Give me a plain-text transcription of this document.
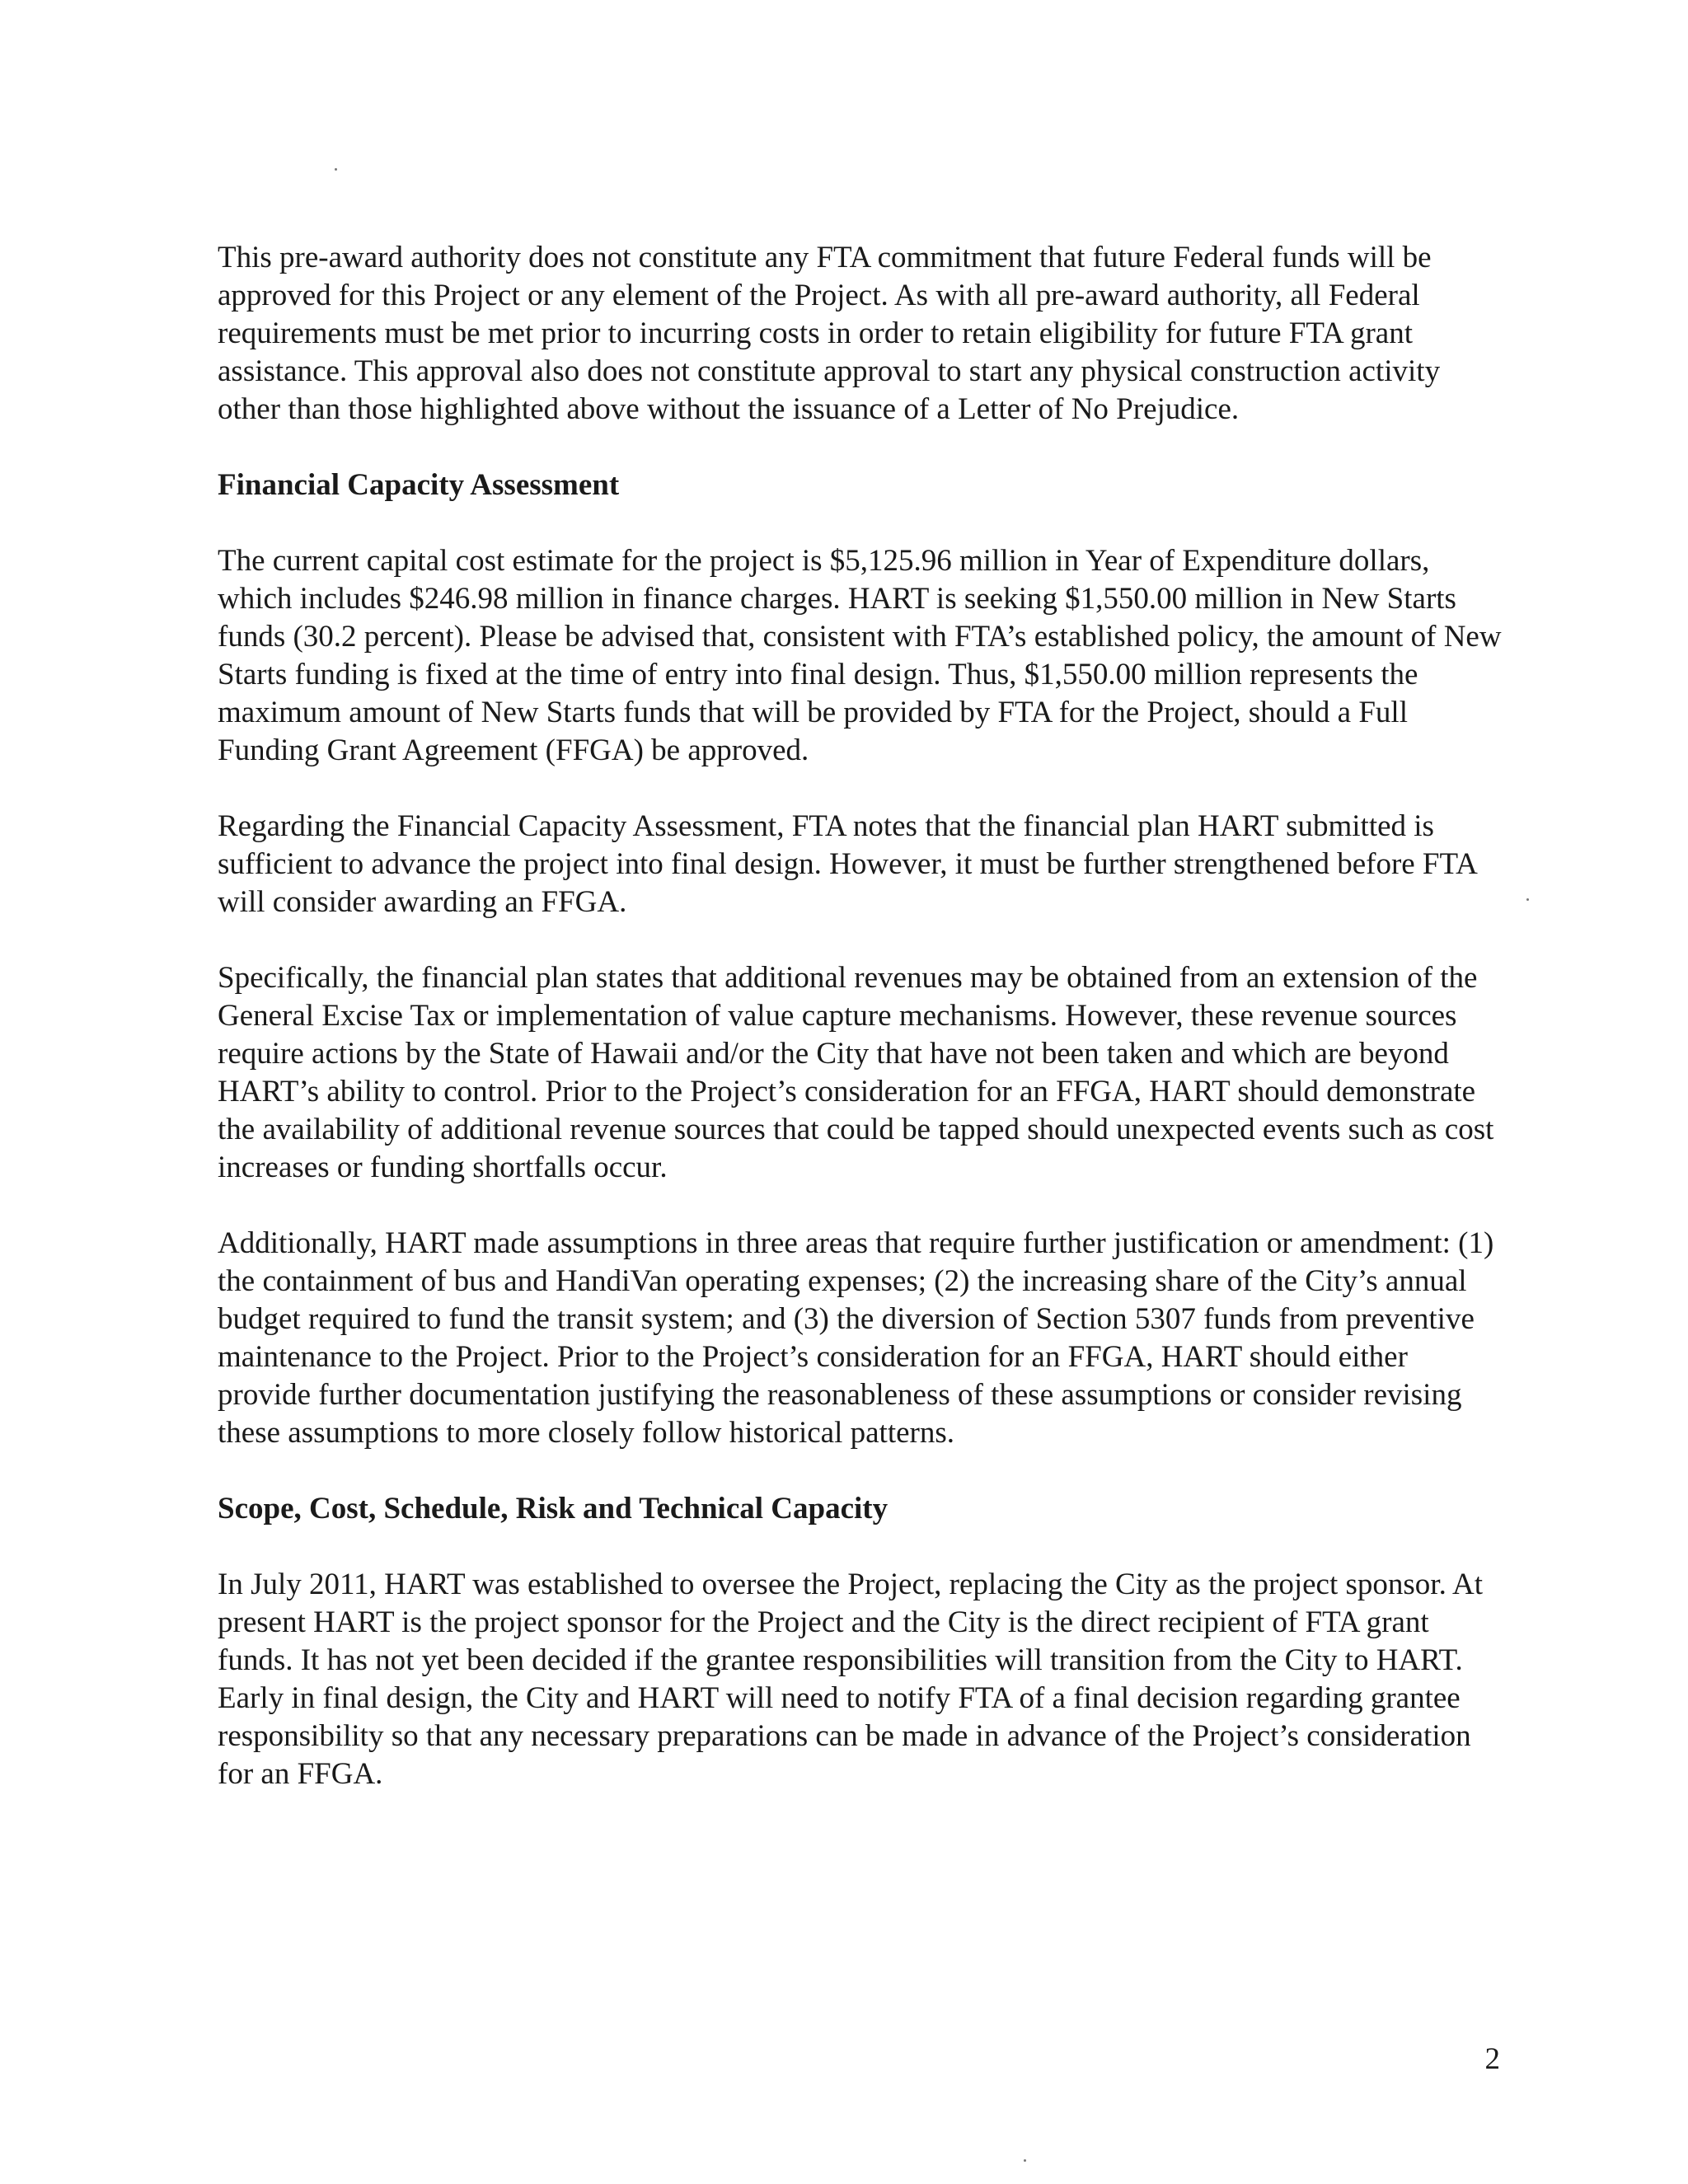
This pre-award authority does not constitute any FTA commitment that future Federal funds will be approved for this Project or any element of the Project. As with all pre-award authority, all Federal requirements must be met prior to incurring costs in order to retain eligibility for future FTA grant assistance. This approval also does not constitute approval to start any physical construction activity other than those highlighted above without the issuance of a Letter of No Prejudice.

Financial Capacity Assessment

The current capital cost estimate for the project is $5,125.96 million in Year of Expenditure dollars, which includes $246.98 million in finance charges. HART is seeking $1,550.00 million in New Starts funds (30.2 percent). Please be advised that, consistent with FTA’s established policy, the amount of New Starts funding is fixed at the time of entry into final design. Thus, $1,550.00 million represents the maximum amount of New Starts funds that will be provided by FTA for the Project, should a Full Funding Grant Agreement (FFGA) be approved.

Regarding the Financial Capacity Assessment, FTA notes that the financial plan HART submitted is sufficient to advance the project into final design. However, it must be further strengthened before FTA will consider awarding an FFGA.

Specifically, the financial plan states that additional revenues may be obtained from an extension of the General Excise Tax or implementation of value capture mechanisms. However, these revenue sources require actions by the State of Hawaii and/or the City that have not been taken and which are beyond HART’s ability to control. Prior to the Project’s consideration for an FFGA, HART should demonstrate the availability of additional revenue sources that could be tapped should unexpected events such as cost increases or funding shortfalls occur.

Additionally, HART made assumptions in three areas that require further justification or amendment: (1) the containment of bus and HandiVan operating expenses; (2) the increasing share of the City’s annual budget required to fund the transit system; and (3) the diversion of Section 5307 funds from preventive maintenance to the Project. Prior to the Project’s consideration for an FFGA, HART should either provide further documentation justifying the reasonableness of these assumptions or consider revising these assumptions to more closely follow historical patterns.

Scope, Cost, Schedule, Risk and Technical Capacity

In July 2011, HART was established to oversee the Project, replacing the City as the project sponsor. At present HART is the project sponsor for the Project and the City is the direct recipient of FTA grant funds. It has not yet been decided if the grantee responsibilities will transition from the City to HART. Early in final design, the City and HART will need to notify FTA of a final decision regarding grantee responsibility so that any necessary preparations can be made in advance of the Project’s consideration for an FFGA.

2
